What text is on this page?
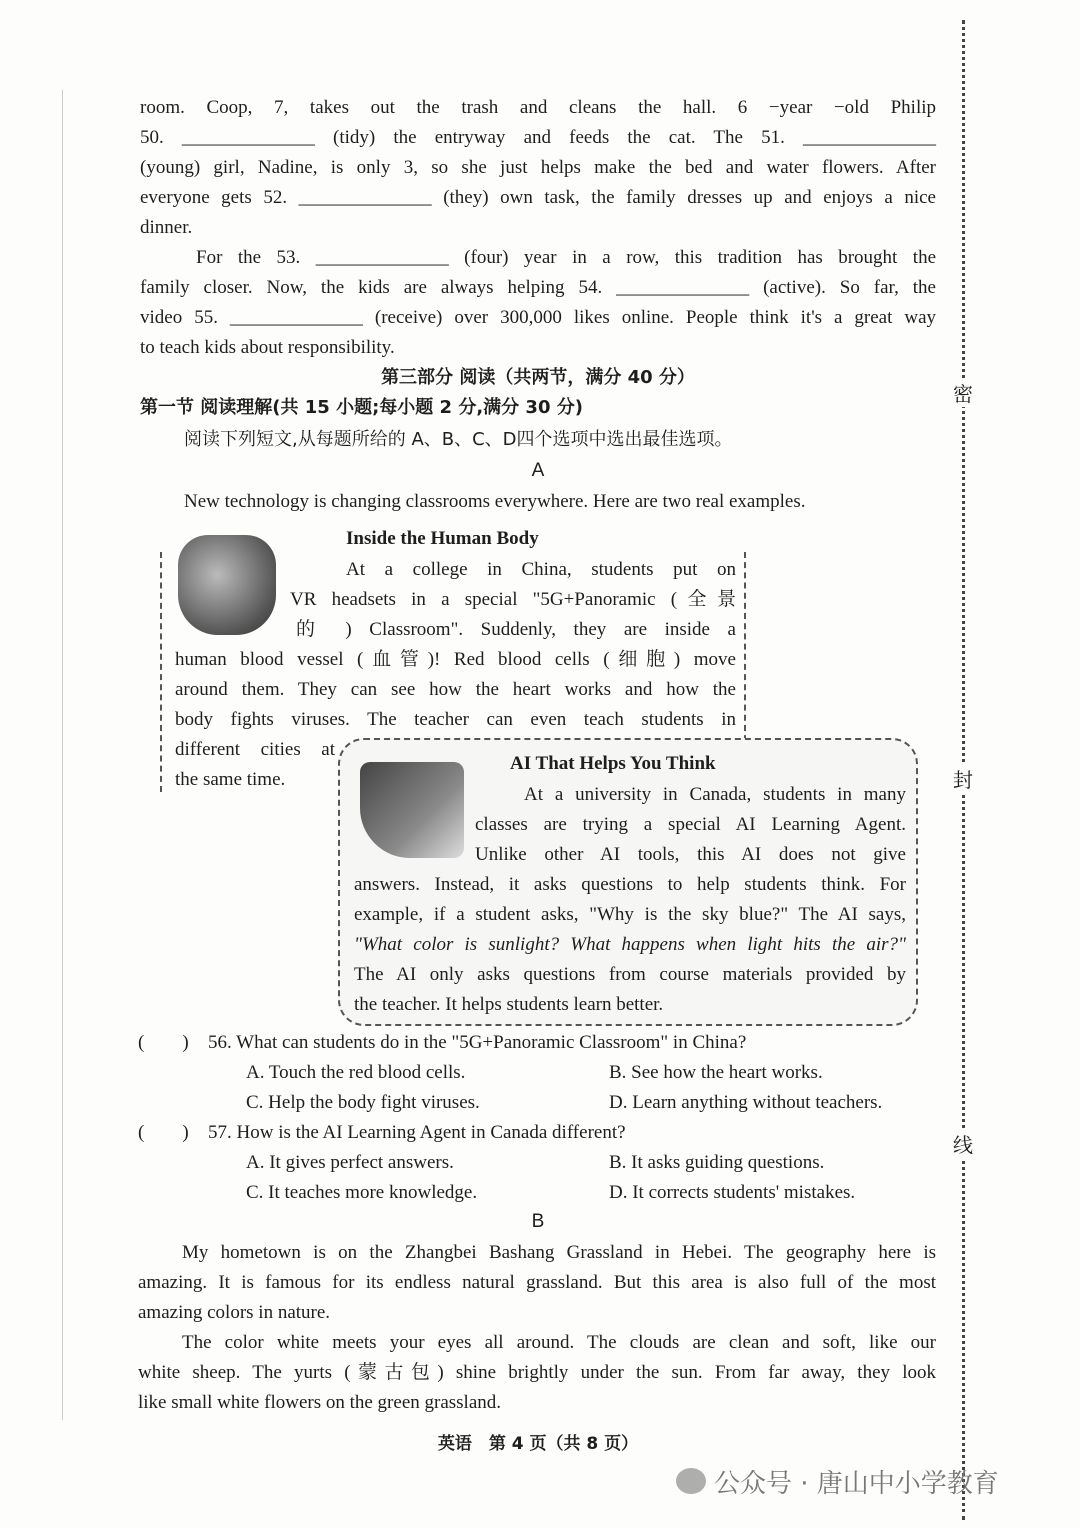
密
封
线
room. Coop, 7, takes out the trash and cleans the hall. 6 −year −old Philip
50. ______________ (tidy) the entryway and feeds the cat. The 51. ______________
(young) girl, Nadine, is only 3, so she just helps make the bed and water flowers. After
everyone gets 52. ______________ (they) own task, the family dresses up and enjoys a nice
dinner.
For the 53. ______________ (four) year in a row, this tradition has brought the
family closer. Now, the kids are always helping 54. ______________ (active). So far, the
video 55. ______________ (receive) over 300,000 likes online. People think it's a great way
to teach kids about responsibility.
第三部分 阅读（共两节，满分 40 分）
第一节 阅读理解(共 15 小题;每小题 2 分,满分 30 分)
阅读下列短文,从每题所给的 A、B、C、D四个选项中选出最佳选项。
A
New technology is changing classrooms everywhere. Here are two real examples.
Inside the Human Body
At a college in China, students put on
VR headsets in a special "5G+Panoramic (全景
的 ) Classroom". Suddenly, they are inside a
human blood vessel (血管)! Red blood cells (细胞) move
around them. They can see how the heart works and how the
body fights viruses. The teacher can even teach students in
different cities at
the same time.
AI That Helps You Think
At a university in Canada, students in many
classes are trying a special AI Learning Agent.
Unlike other AI tools, this AI does not give
answers. Instead, it asks questions to help students think. For
example, if a student asks, "Why is the sky blue?" The AI says,
"What color is sunlight? What happens when light hits the air?"
The AI only asks questions from course materials provided by
the teacher. It helps students learn better.
(　　) 56. What can students do in the "5G+Panoramic Classroom" in China?
A. Touch the red blood cells.	B. See how the heart works.
C. Help the body fight viruses.	D. Learn anything without teachers.
(　　) 57. How is the AI Learning Agent in Canada different?
A. It gives perfect answers.	B. It asks guiding questions.
C. It teaches more knowledge.	D. It corrects students' mistakes.
B
My hometown is on the Zhangbei Bashang Grassland in Hebei. The geography here is
amazing. It is famous for its endless natural grassland. But this area is also full of the most
amazing colors in nature.
The color white meets your eyes all around. The clouds are clean and soft, like our
white sheep. The yurts (蒙古包) shine brightly under the sun. From far away, they look
like small white flowers on the green grassland.
英语　第 4 页（共 8 页）
公众号 · 唐山中小学教育
